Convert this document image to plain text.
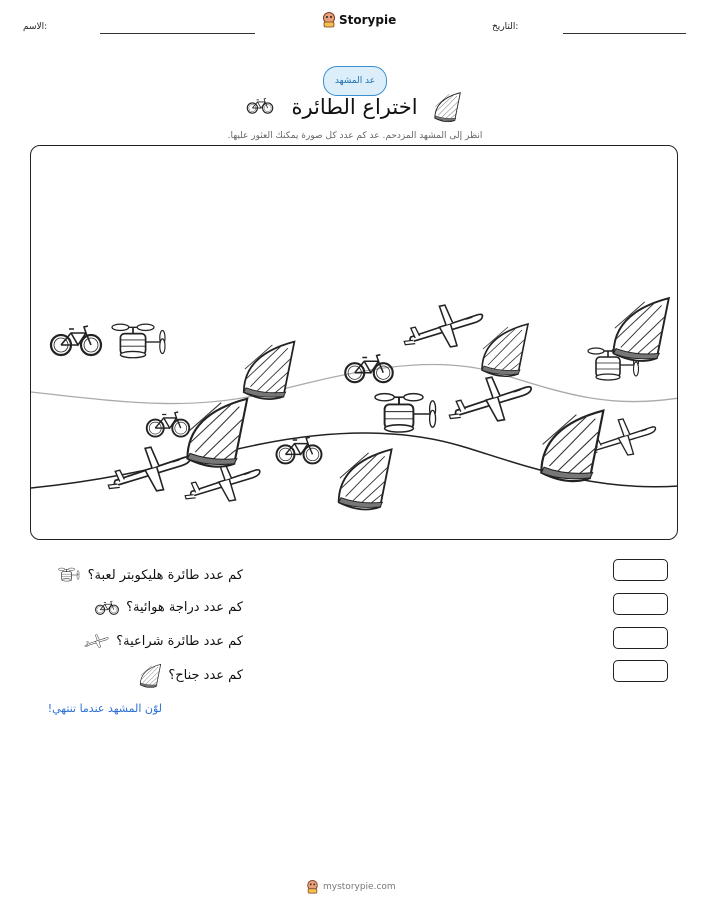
الاسم:	Storypie	التاريخ:
عد المشهد
اختراع الطائرة
انظر إلى المشهد المزدحم. عد كم عدد كل صورة يمكنك العثور عليها.
كم عدد طائرة هليكوبتر لعبة؟
كم عدد دراجة هوائية؟
كم عدد طائرة شراعية؟
كم عدد جناح؟
لوّن المشهد عندما تنتهي!
mystorypie.com
